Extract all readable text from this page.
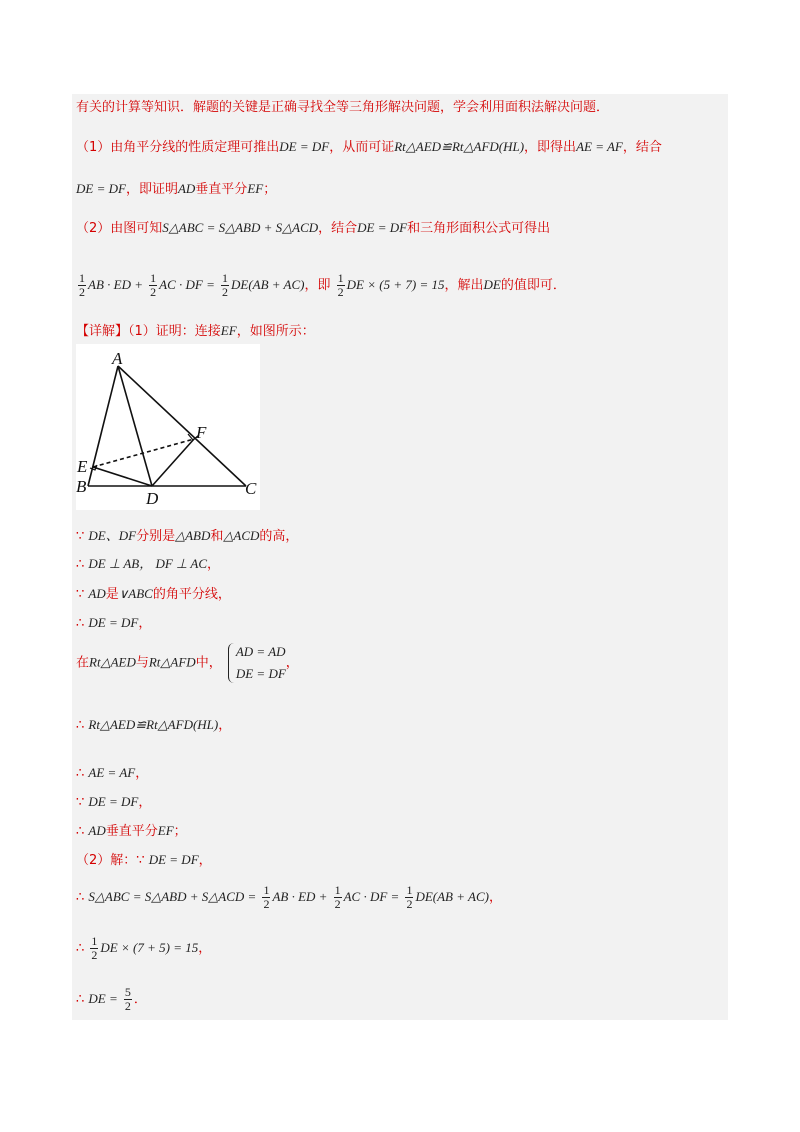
有关的计算等知识．解题的关键是正确寻找全等三角形解决问题，学会利用面积法解决问题．
（1）由角平分线的性质定理可推出DE = DF，从而可证Rt△AED≌Rt△AFD(HL)，即得出AE = AF，结合
DE = DF，即证明AD垂直平分EF；
（2）由图可知S△ABC = S△ABD + S△ACD，结合DE = DF和三角形面积公式可得出
$\frac{1}{2}$ AB · ED + $\frac{1}{2}$ AC · DF = $\frac{1}{2} DE(AB + AC)$，即 $\frac{1}{2}$ DE × (5 + 7) = 15，解出DE的值即可．
【详解】（1）证明：连接EF，如图所示：
A
B	C
D
E
F
∵ DE、DF分别是△ABD和△ACD的高，
∴ DE ⊥ AB， DF ⊥ AC，
∵ AD是∨ABC的角平分线，
∴ DE = DF，
在Rt△AED与Rt△AFD中，
AD = AD
DE = DF
，
∴ Rt△AED≌Rt△AFD(HL)，
∴ AE = AF，
∵ DE = DF，
∴ AD垂直平分EF；
（2）解：∵ DE = DF，
∴ S△ABC = S△ABD + S△ACD = $\frac{1}{2}$ AB · ED + $\frac{1}{2}$ AC · DF = $\frac{1}{2} DE(AB + AC)$，
∴ $\frac{1}{2}$ DE × (7 + 5) = 15，
∴ DE = $\frac{5}{2}$ ．
